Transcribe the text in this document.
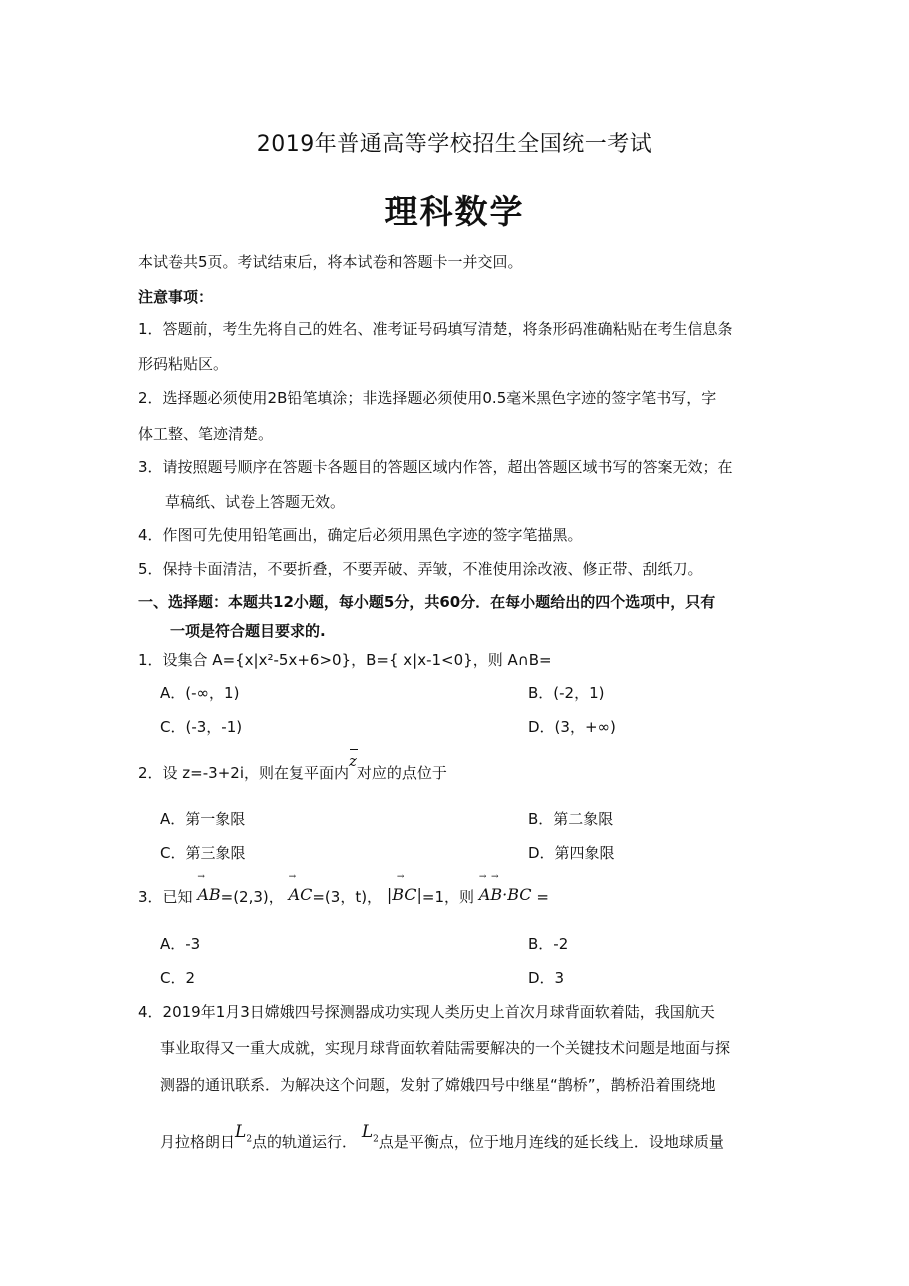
2019年普通高等学校招生全国统一考试
理科数学
本试卷共5页。考试结束后，将本试卷和答题卡一并交回。
注意事项：
1．答题前，考生先将自己的姓名、准考证号码填写清楚，将条形码准确粘贴在考生信息条
形码粘贴区。
2．选择题必须使用2B铅笔填涂；非选择题必须使用0.5毫米黑色字迹的签字笔书写，字
体工整、笔迹清楚。
3．请按照题号顺序在答题卡各题目的答题区域内作答，超出答题区域书写的答案无效；在
草稿纸、试卷上答题无效。
4．作图可先使用铅笔画出，确定后必须用黑色字迹的签字笔描黑。
5．保持卡面清洁，不要折叠，不要弄破、弄皱，不准使用涂改液、修正带、刮纸刀。
一、选择题：本题共12小题，每小题5分，共60分．在每小题给出的四个选项中，只有
一项是符合题目要求的.
1．设集合 A={x|x²-5x+6>0}，B={ x|x-1<0}，则 A∩B=
A．(-∞，1)	B．(-2，1)
C．(-3，-1)	D．(3，+∞)
2．设 z=-3+2i，则在复平面内z对应的点位于
A．第一象限	B．第二象限
C．第三象限	D．第四象限
3．已知
→
AB=(2,3)，
→
AC=(3，t)，
→
|BC|=1，则
→   →
AB·BC =
A．-3	B．-2
C．2	D．3
4．2019年1月3日嫦娥四号探测器成功实现人类历史上首次月球背面软着陆，我国航天
事业取得又一重大成就，实现月球背面软着陆需要解决的一个关键技术问题是地面与探
测器的通讯联系．为解决这个问题，发射了嫦娥四号中继星“鹊桥”，鹊桥沿着围绕地
月拉格朗日$L_2$点的轨道运行． $L_2$点是平衡点，位于地月连线的延长线上．设地球质量
